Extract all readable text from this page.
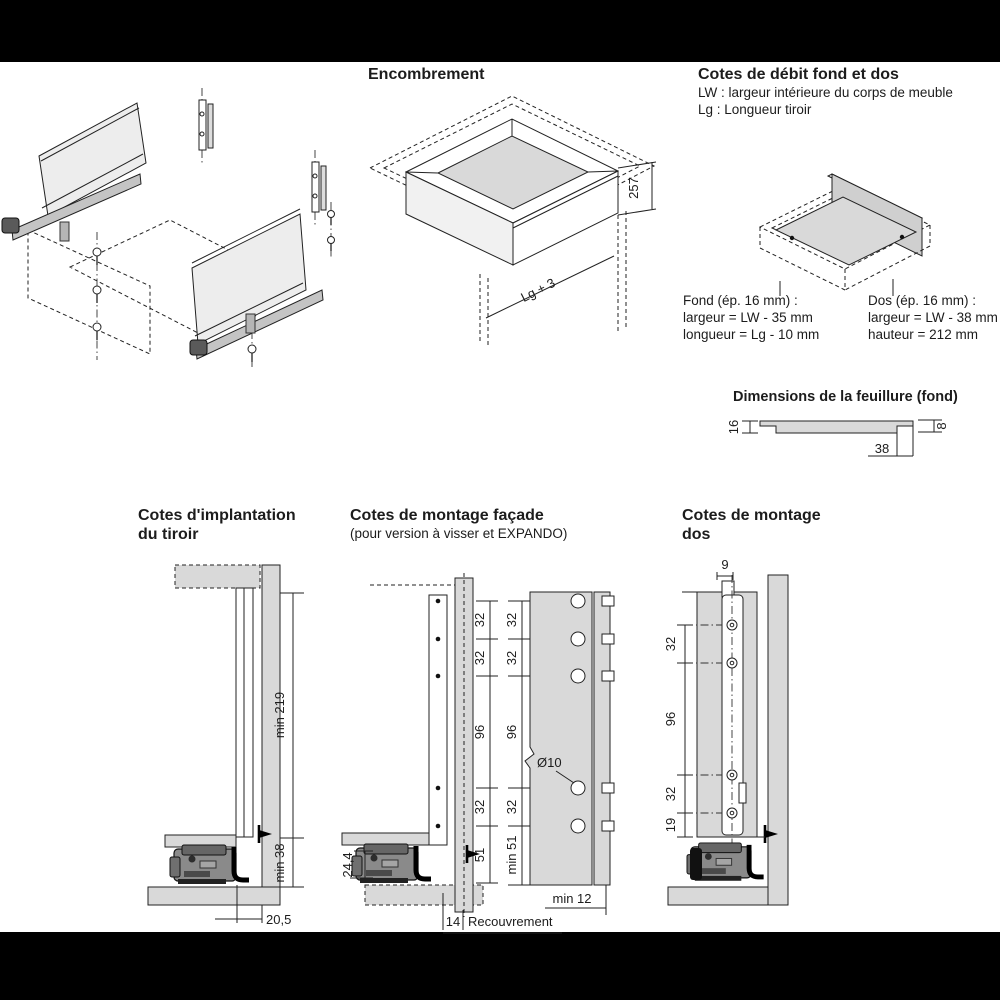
Encombrement
257
Lg + 3
Cotes de débit fond et dos
LW : largeur intérieure du corps de meuble
Lg : Longueur tiroir
Fond (ép. 16 mm) :
largeur = LW - 35 mm
longueur = Lg - 10 mm
Dos (ép. 16 mm) :
largeur = LW - 38 mm
hauteur = 212 mm
Dimensions de la feuillure (fond)
16
38
8
Cotes d'implantation
du tiroir
min 219
min 38
20,5
Cotes de montage façade
(pour version à visser et EXPANDO)
32
32
96
32
51
24,4
14 Recouvrement
Ø10
32
32
96
32
min 51
min 12
Cotes de montage
dos
9
32
96
32
19
